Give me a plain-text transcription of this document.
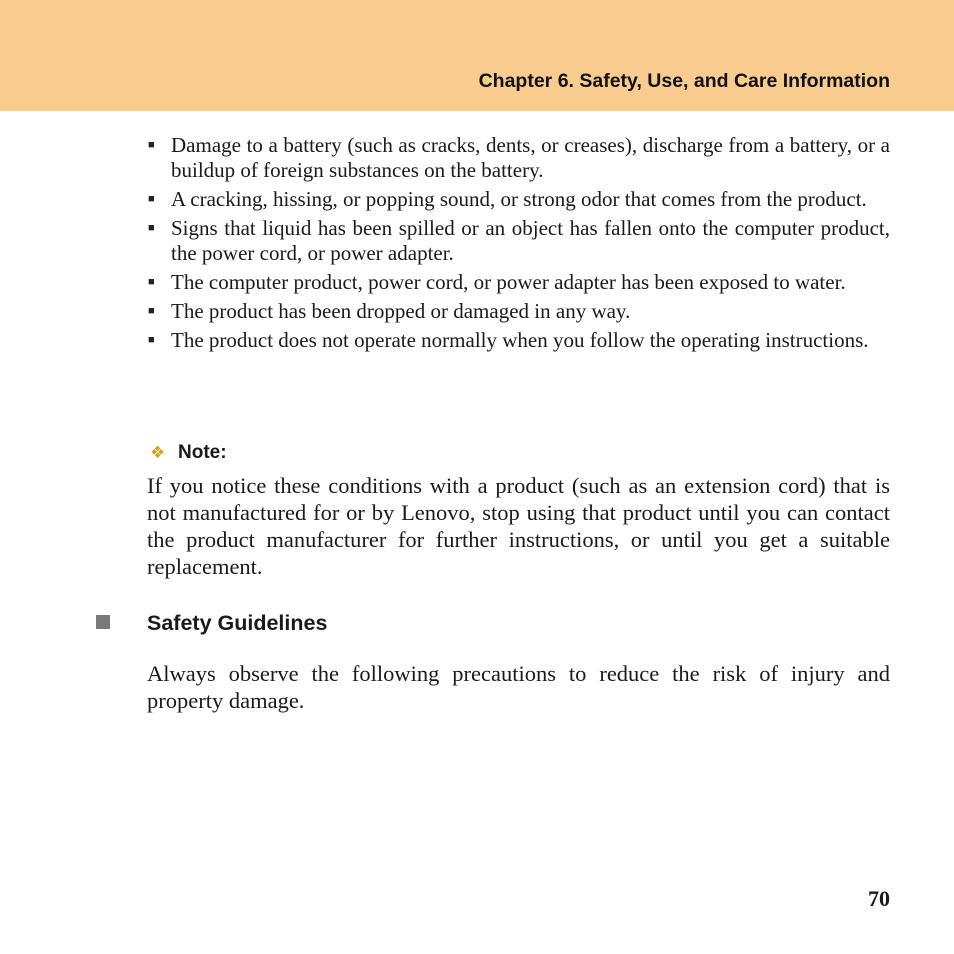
Chapter 6. Safety, Use, and Care Information
■ Damage to a battery (such as cracks, dents, or creases), discharge from a battery, or a buildup of foreign substances on the battery.
■ A cracking, hissing, or popping sound, or strong odor that comes from the product.
■ Signs that liquid has been spilled or an object has fallen onto the computer product, the power cord, or power adapter.
■ The computer product, power cord, or power adapter has been exposed to water.
■ The product has been dropped or damaged in any way.
■ The product does not operate normally when you follow the operating instructions.
❖ Note:
If you notice these conditions with a product (such as an extension cord) that is not manufactured for or by Lenovo, stop using that product until you can contact the product manufacturer for further instructions, or until you get a suitable replacement.
Safety Guidelines
Always observe the following precautions to reduce the risk of injury and property damage.
70
